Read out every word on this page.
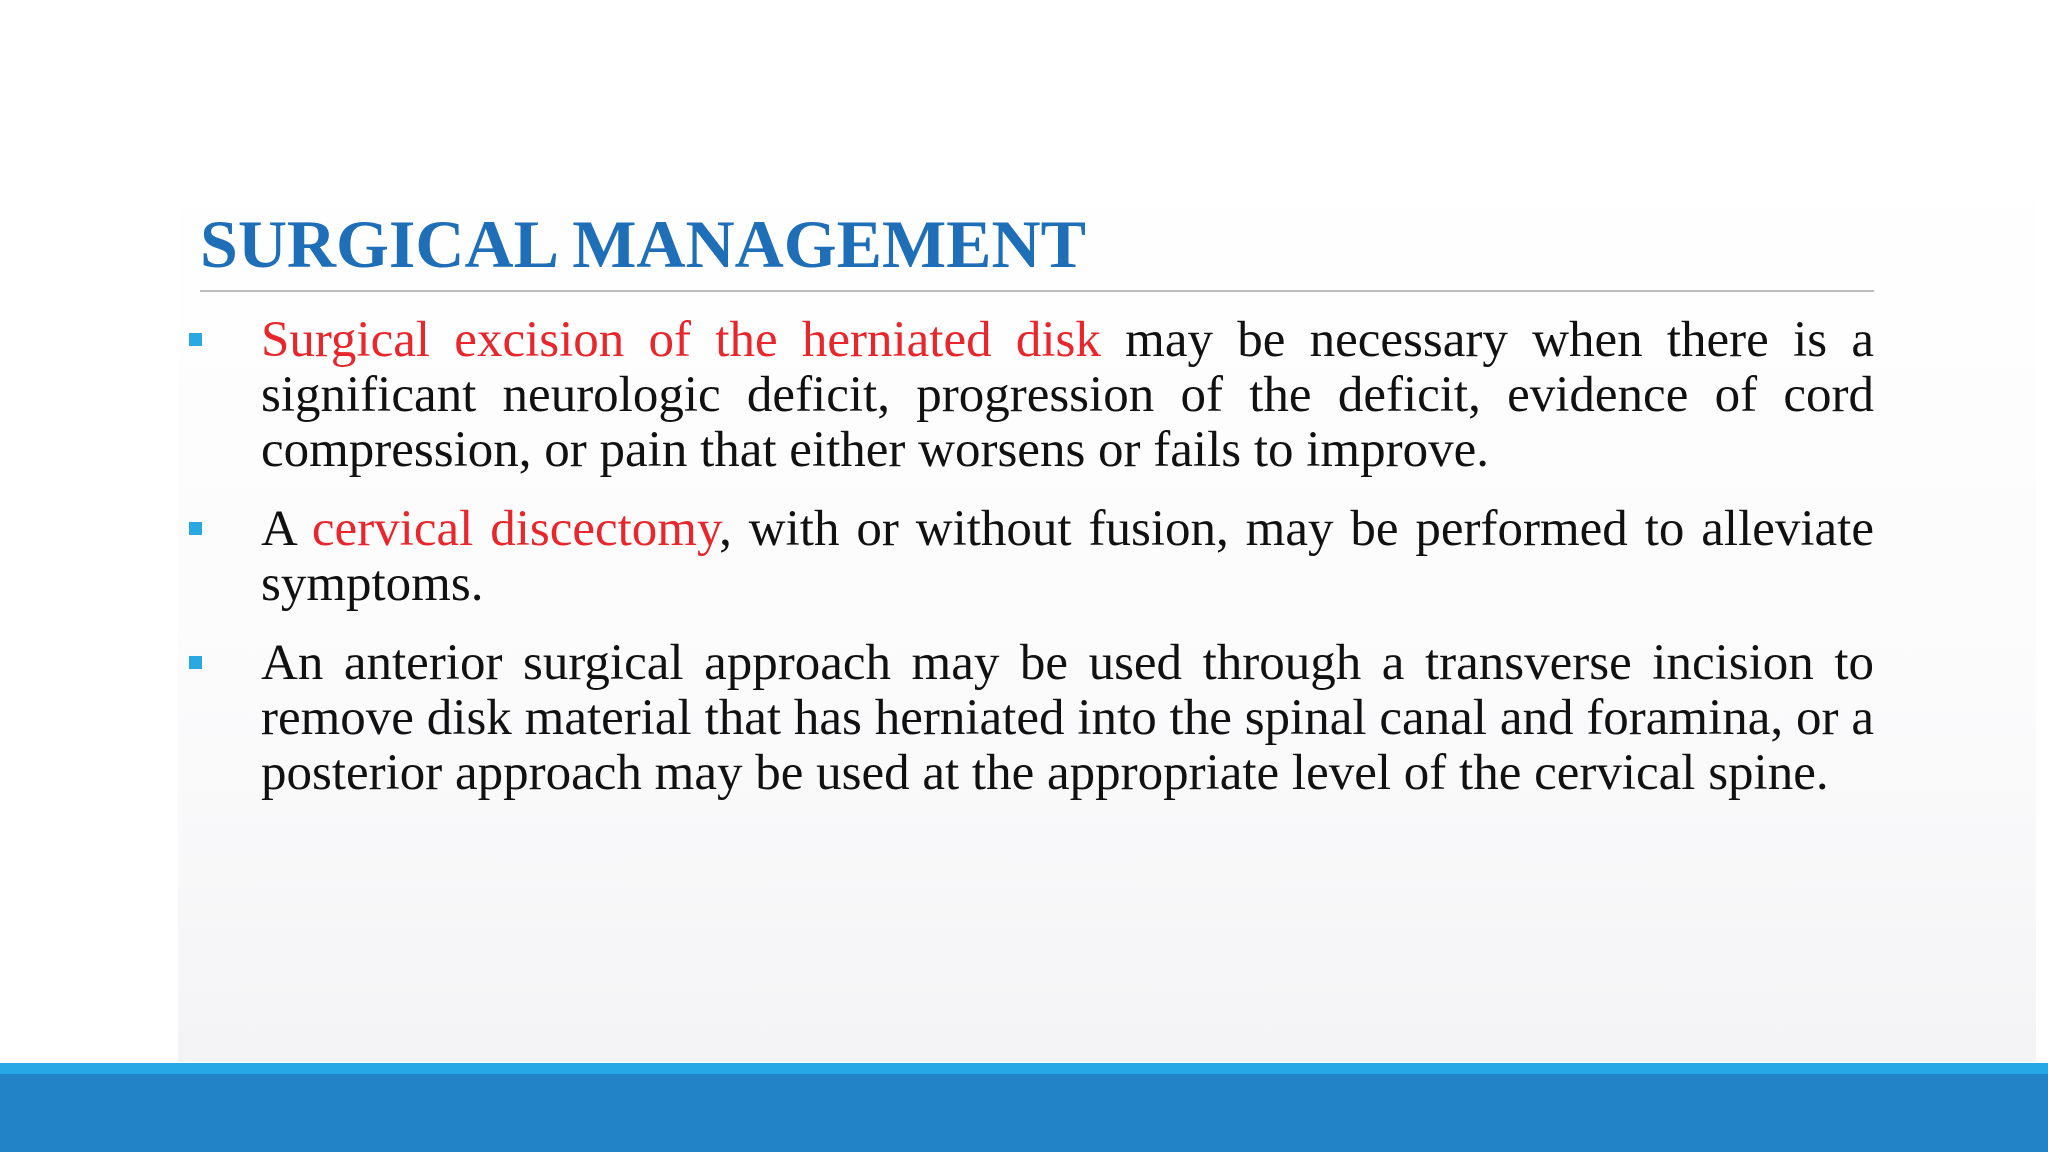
SURGICAL MANAGEMENT
Surgical excision of the herniated disk may be necessary when there is a significant neurologic deficit, progression of the deficit, evidence of cord compression, or pain that either worsens or fails to improve.
A cervical discectomy, with or without fusion, may be performed to alleviate symptoms.
An anterior surgical approach may be used through a transverse incision to remove disk material that has herniated into the spinal canal and foramina, or a posterior approach may be used at the appropriate level of the cervical spine.
